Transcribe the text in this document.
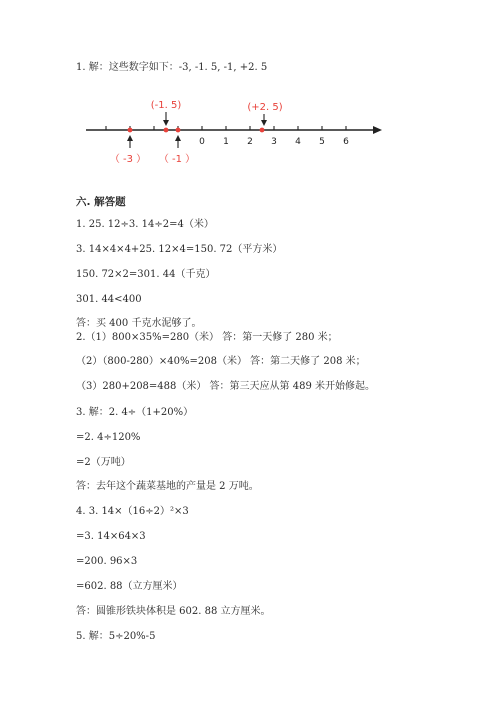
1. 解：这些数字如下：-3, -1. 5, -1, +2. 5
(-1. 5)	(+2. 5)
（ -3 ） （ -1 ）
0 1 2 3 4 5 6
六. 解答题
1. 25. 12÷3. 14÷2=4（米）
3. 14×4×4+25. 12×4=150. 72（平方米）
150. 72×2=301. 44（千克）
301. 44<400
答：买 400 千克水泥够了。
2.（1）800×35%=280（米） 答：第一天修了 280 米；
（2）（800-280）×40%=208（米） 答：第二天修了 208 米；
（3）280+208=488（米） 答：第三天应从第 489 米开始修起。
3. 解：2. 4÷（1+20%）
=2. 4÷120%
=2（万吨）
答：去年这个蔬菜基地的产量是 2 万吨。
4. 3. 14×（16÷2）²×3
=3. 14×64×3
=200. 96×3
=602. 88（立方厘米）
答：圆锥形铁块体积是 602. 88 立方厘米。
5. 解：5÷20%-5
